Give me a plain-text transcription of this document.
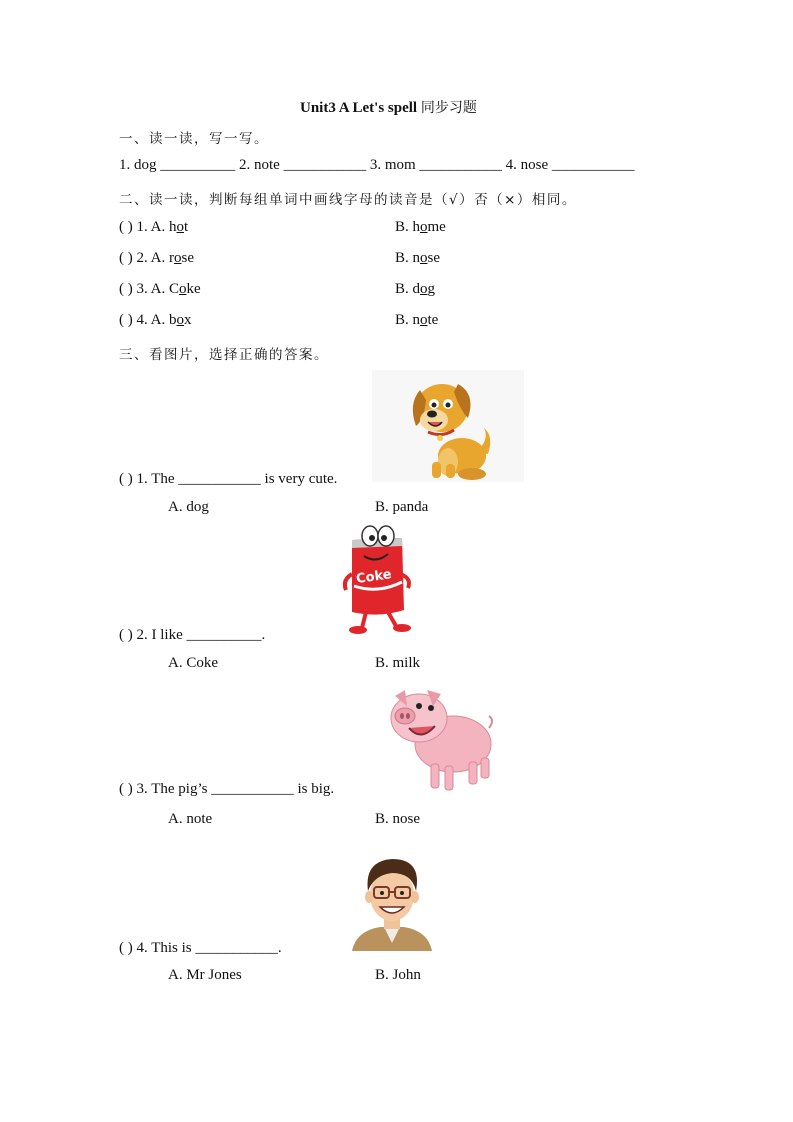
Unit3 A Let's spell 同步习题
一、读一读，写一写。
1. dog __________ 2. note ___________ 3. mom ___________ 4. nose ___________
二、读一读，判断每组单词中画线字母的读音是（√）否（×）相同。
( ) 1. A. hot	B. home
( ) 2. A. rose	B. nose
( ) 3. A. Coke	B. dog
( ) 4. A. box	B. note
三、看图片，选择正确的答案。
( ) 1. The ___________ is very cute.
A. dog	B. panda
Coke
( ) 2. I like __________.
A. Coke	B. milk
( ) 3. The pig’s ___________ is big.
A. note	B. nose
( ) 4. This is ___________.
A. Mr Jones	B. John
